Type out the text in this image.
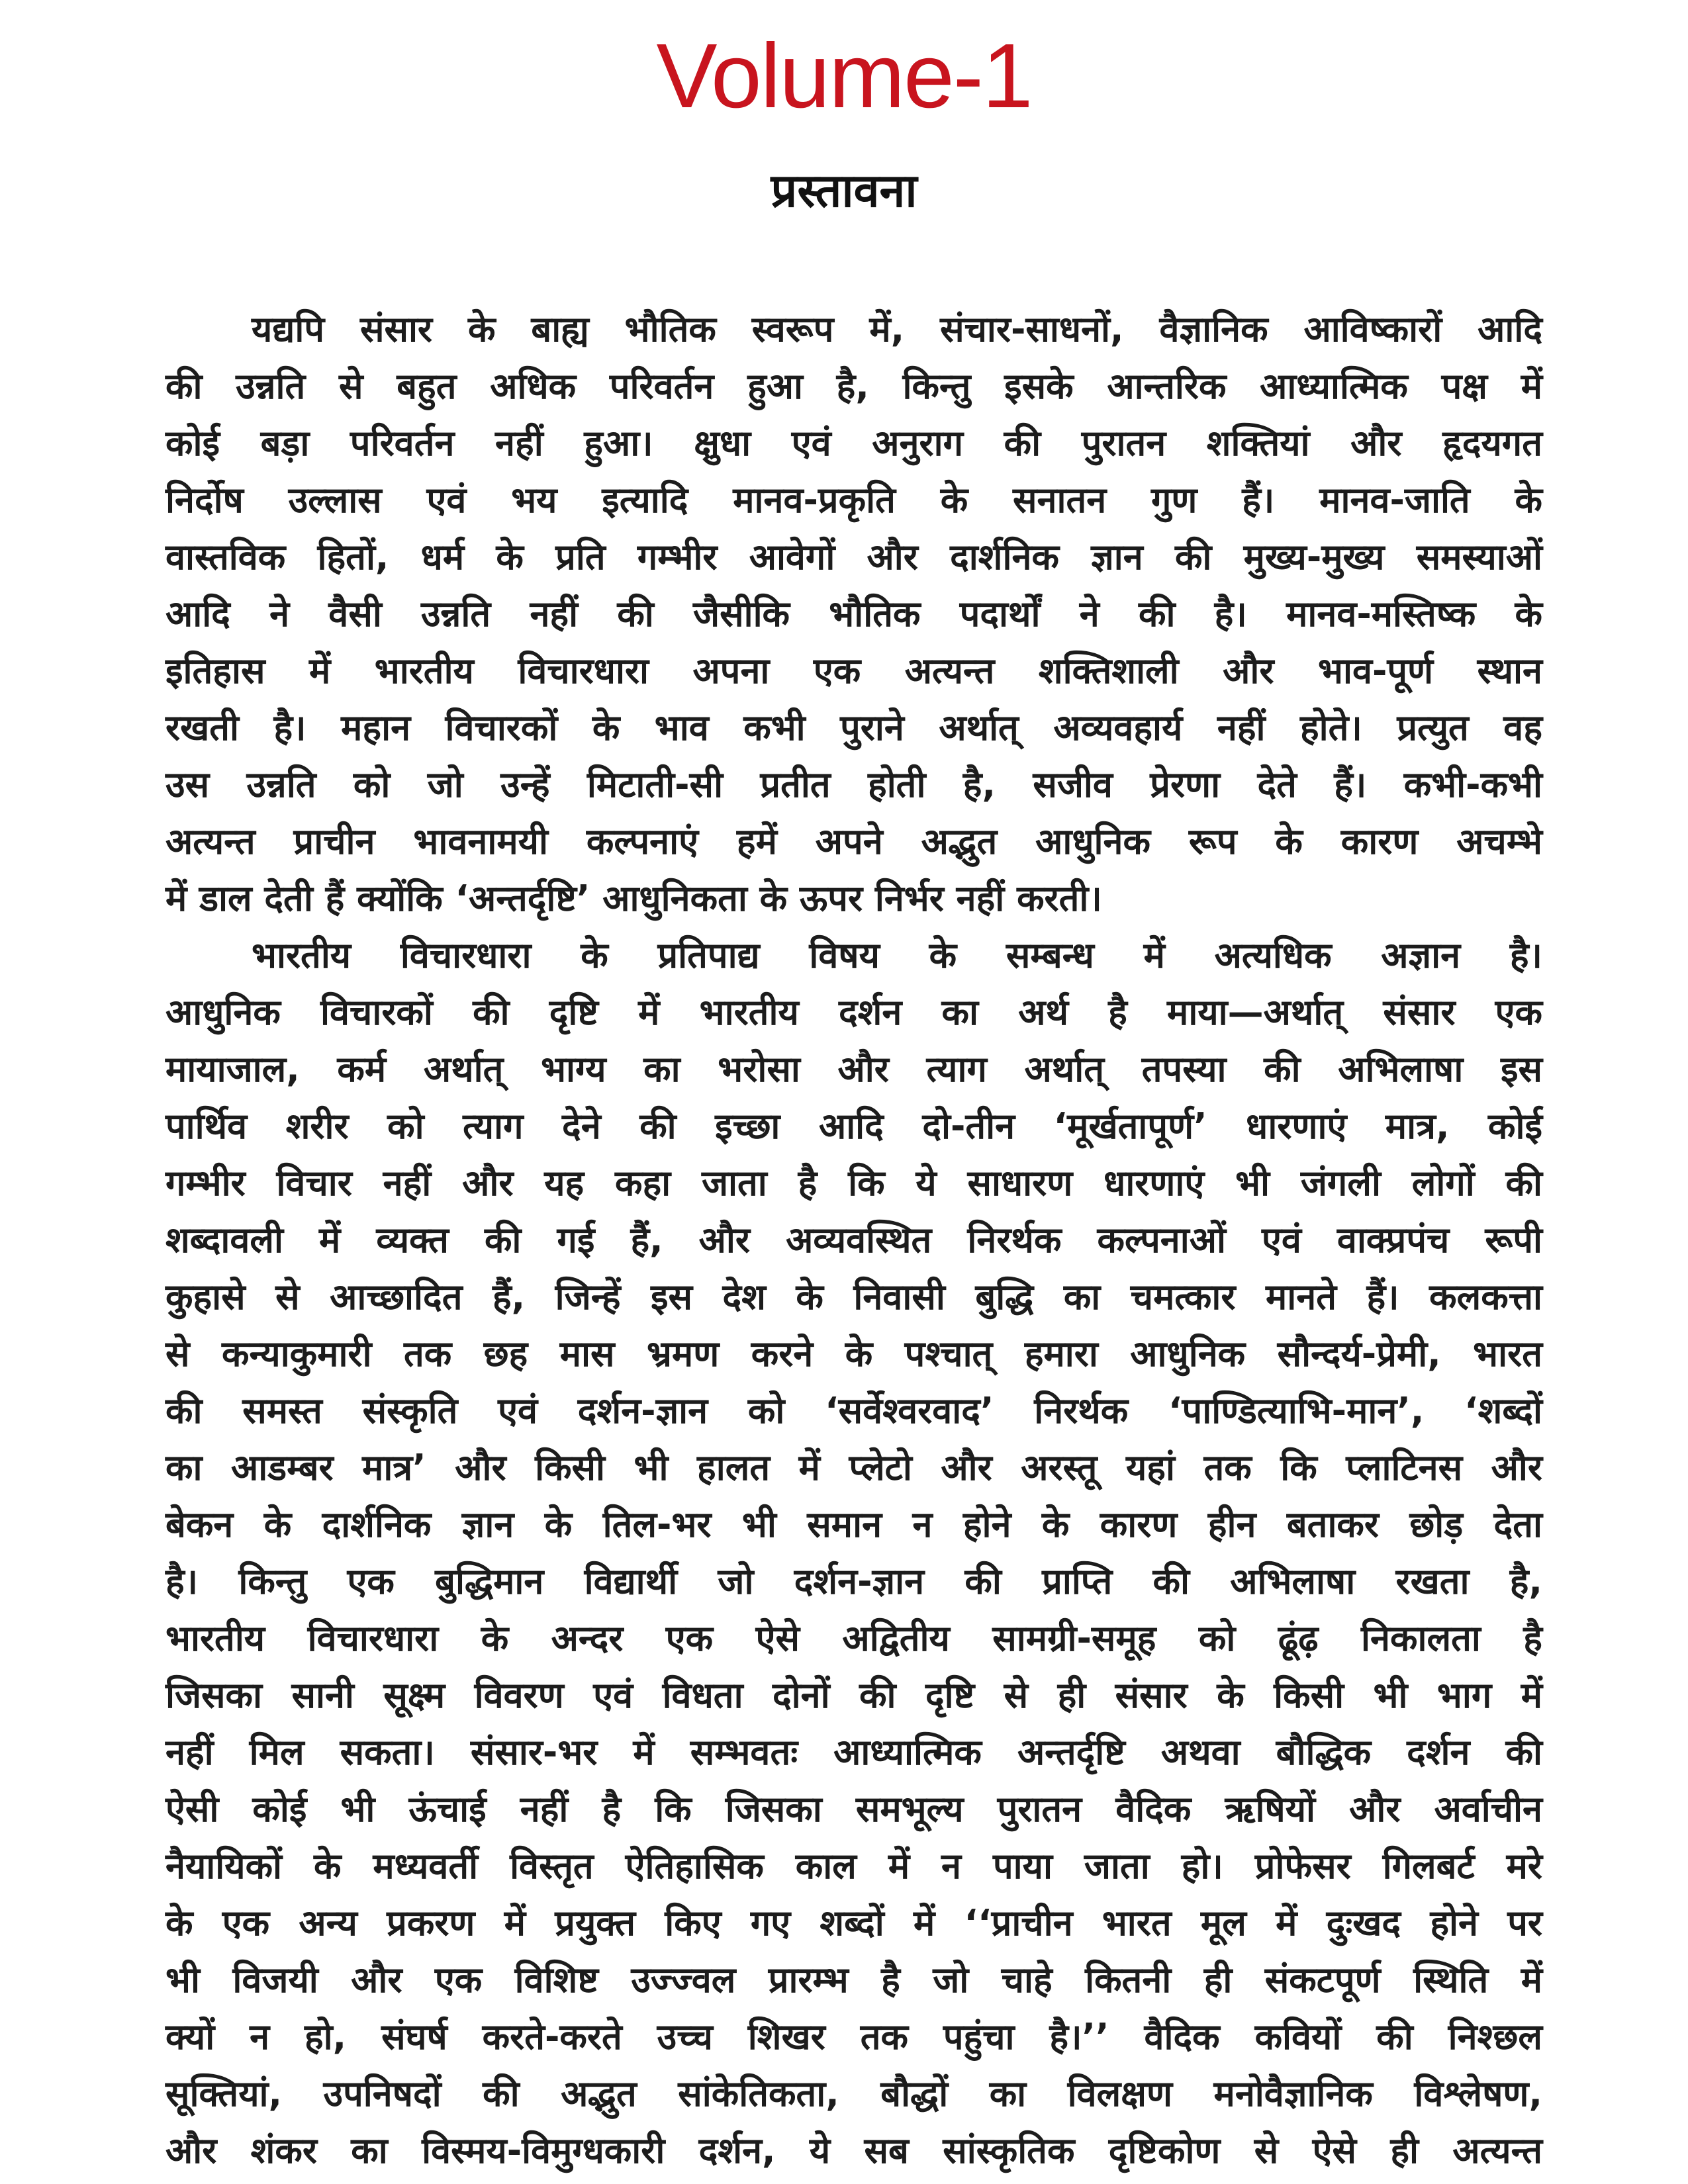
Volume-1
प्रस्तावना
यद्यपि संसार के बाह्य भौतिक स्वरूप में, संचार-साधनों, वैज्ञानिक आविष्कारों आदि
की उन्नति से बहुत अधिक परिवर्तन हुआ है, किन्तु इसके आन्तरिक आध्यात्मिक पक्ष में
कोई बड़ा परिवर्तन नहीं हुआ। क्षुधा एवं अनुराग की पुरातन शक्तियां और हृदयगत
निर्दोष उल्लास एवं भय इत्यादि मानव-प्रकृति के सनातन गुण हैं। मानव-जाति के
वास्तविक हितों, धर्म के प्रति गम्भीर आवेगों और दार्शनिक ज्ञान की मुख्य-मुख्य समस्याओं
आदि ने वैसी उन्नति नहीं की जैसीकि भौतिक पदार्थों ने की है। मानव-मस्तिष्क के
इतिहास में भारतीय विचारधारा अपना एक अत्यन्त शक्तिशाली और भाव-पूर्ण स्थान
रखती है। महान विचारकों के भाव कभी पुराने अर्थात् अव्यवहार्य नहीं होते। प्रत्युत वह
उस उन्नति को जो उन्हें मिटाती-सी प्रतीत होती है, सजीव प्रेरणा देते हैं। कभी-कभी
अत्यन्त प्राचीन भावनामयी कल्पनाएं हमें अपने अद्भुत आधुनिक रूप के कारण अचम्भे
में डाल देती हैं क्योंकि ‘अन्तर्दृष्टि’ आधुनिकता के ऊपर निर्भर नहीं करती।
भारतीय विचारधारा के प्रतिपाद्य विषय के सम्बन्ध में अत्यधिक अज्ञान है।
आधुनिक विचारकों की दृष्टि में भारतीय दर्शन का अर्थ है माया—अर्थात् संसार एक
मायाजाल, कर्म अर्थात् भाग्य का भरोसा और त्याग अर्थात् तपस्या की अभिलाषा इस
पार्थिव शरीर को त्याग देने की इच्छा आदि दो-तीन ‘मूर्खतापूर्ण’ धारणाएं मात्र, कोई
गम्भीर विचार नहीं और यह कहा जाता है कि ये साधारण धारणाएं भी जंगली लोगों की
शब्दावली में व्यक्त की गई हैं, और अव्यवस्थित निरर्थक कल्पनाओं एवं वाक्प्रपंच रूपी
कुहासे से आच्छादित हैं, जिन्हें इस देश के निवासी बुद्धि का चमत्कार मानते हैं। कलकत्ता
से कन्याकुमारी तक छह मास भ्रमण करने के पश्चात् हमारा आधुनिक सौन्दर्य-प्रेमी, भारत
की समस्त संस्कृति एवं दर्शन-ज्ञान को ‘सर्वेश्वरवाद’ निरर्थक ‘पाण्डित्याभि-मान’, ‘शब्दों
का आडम्बर मात्र’ और किसी भी हालत में प्लेटो और अरस्तू यहां तक कि प्लाटिनस और
बेकन के दार्शनिक ज्ञान के तिल-भर भी समान न होने के कारण हीन बताकर छोड़ देता
है। किन्तु एक बुद्धिमान विद्यार्थी जो दर्शन-ज्ञान की प्राप्ति की अभिलाषा रखता है,
भारतीय विचारधारा के अन्दर एक ऐसे अद्वितीय सामग्री-समूह को ढूंढ़ निकालता है
जिसका सानी सूक्ष्म विवरण एवं विधता दोनों की दृष्टि से ही संसार के किसी भी भाग में
नहीं मिल सकता। संसार-भर में सम्भवतः आध्यात्मिक अन्तर्दृष्टि अथवा बौद्धिक दर्शन की
ऐसी कोई भी ऊंचाई नहीं है कि जिसका समभूल्य पुरातन वैदिक ऋषियों और अर्वाचीन
नैयायिकों के मध्यवर्ती विस्तृत ऐतिहासिक काल में न पाया जाता हो। प्रोफेसर गिलबर्ट मरे
के एक अन्य प्रकरण में प्रयुक्त किए गए शब्दों में ‘‘प्राचीन भारत मूल में दुःखद होने पर
भी विजयी और एक विशिष्ट उज्ज्वल प्रारम्भ है जो चाहे कितनी ही संकटपूर्ण स्थिति में
क्यों न हो, संघर्ष करते-करते उच्च शिखर तक पहुंचा है।’’ वैदिक कवियों की निश्छल
सूक्तियां, उपनिषदों की अद्भुत सांकेतिकता, बौद्धों का विलक्षण मनोवैज्ञानिक विश्लेषण,
और शंकर का विस्मय-विमुग्धकारी दर्शन, ये सब सांस्कृतिक दृष्टिकोण से ऐसे ही अत्यन्त
